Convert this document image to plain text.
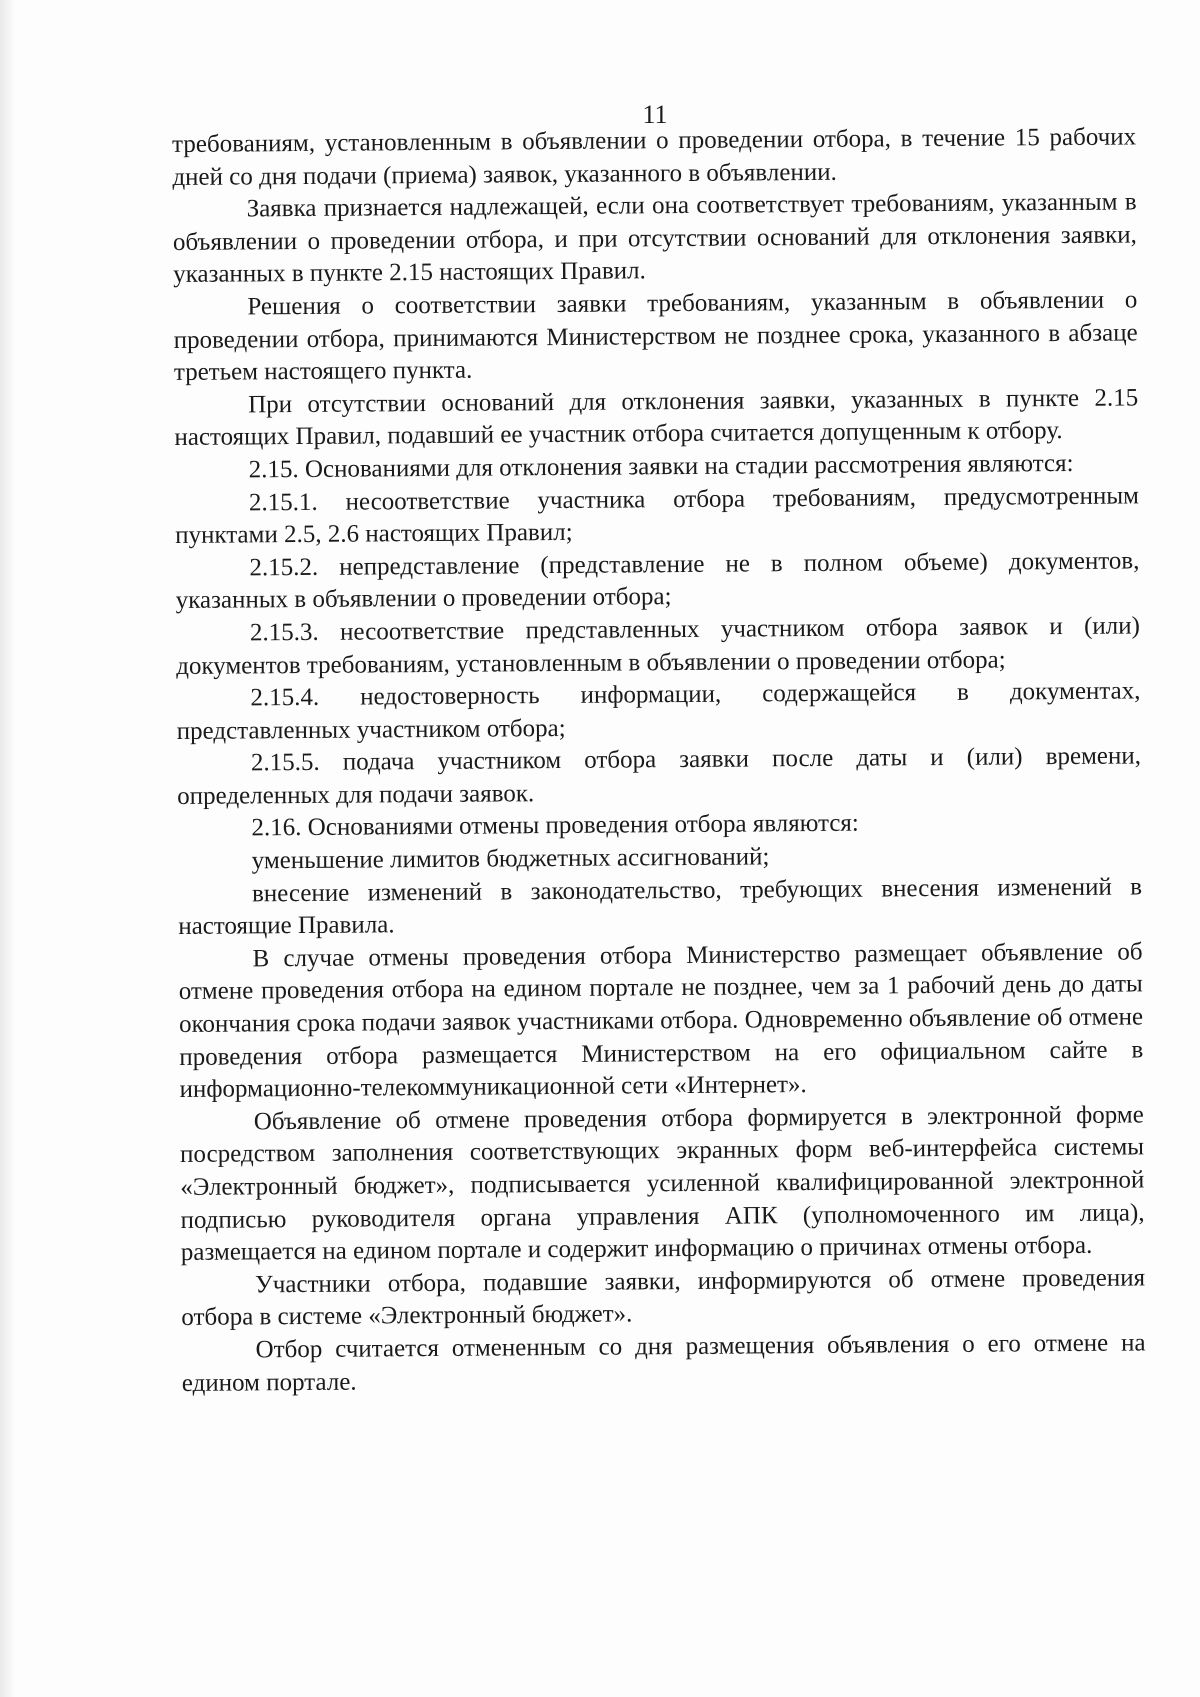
11

требованиям, установленным в объявлении о проведении отбора, в течение 15 рабочих дней со дня подачи (приема) заявок, указанного в объявлении.

Заявка признается надлежащей, если она соответствует требованиям, указанным в объявлении о проведении отбора, и при отсутствии оснований для отклонения заявки, указанных в пункте 2.15 настоящих Правил.

Решения о соответствии заявки требованиям, указанным в объявлении о проведении отбора, принимаются Министерством не позднее срока, указанного в абзаце третьем настоящего пункта.

При отсутствии оснований для отклонения заявки, указанных в пункте 2.15 настоящих Правил, подавший ее участник отбора считается допущенным к отбору.

2.15. Основаниями для отклонения заявки на стадии рассмотрения являются:

2.15.1. несоответствие участника отбора требованиям, предусмотренным пунктами 2.5, 2.6 настоящих Правил;

2.15.2. непредставление (представление не в полном объеме) документов, указанных в объявлении о проведении отбора;

2.15.3. несоответствие представленных участником отбора заявок и (или) документов требованиям, установленным в объявлении о проведении отбора;

2.15.4. недостоверность информации, содержащейся в документах, представленных участником отбора;

2.15.5. подача участником отбора заявки после даты и (или) времени, определенных для подачи заявок.

2.16. Основаниями отмены проведения отбора являются:

уменьшение лимитов бюджетных ассигнований;

внесение изменений в законодательство, требующих внесения изменений в настоящие Правила.

В случае отмены проведения отбора Министерство размещает объявление об отмене проведения отбора на едином портале не позднее, чем за 1 рабочий день до даты окончания срока подачи заявок участниками отбора. Одновременно объявление об отмене проведения отбора размещается Министерством на его официальном сайте в информационно-телекоммуникационной сети «Интернет».

Объявление об отмене проведения отбора формируется в электронной форме посредством заполнения соответствующих экранных форм веб-интерфейса системы «Электронный бюджет», подписывается усиленной квалифицированной электронной подписью руководителя органа управления АПК (уполномоченного им лица), размещается на едином портале и содержит информацию о причинах отмены отбора.

Участники отбора, подавшие заявки, информируются об отмене проведения отбора в системе «Электронный бюджет».

Отбор считается отмененным со дня размещения объявления о его отмене на едином портале.
